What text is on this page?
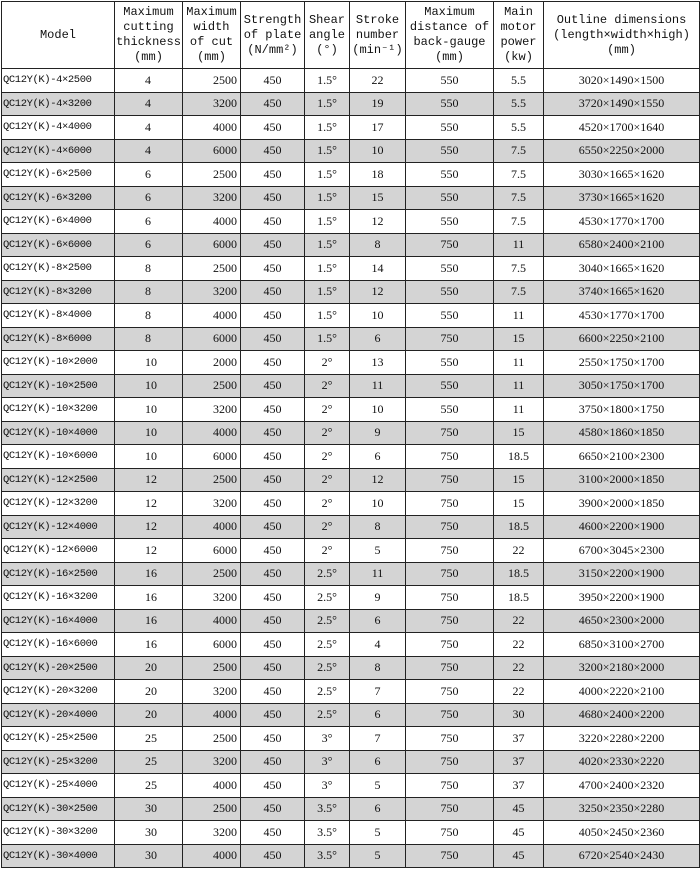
Model	Maximum
cutting
thickness
(mm)	Maximum
width
of cut
(mm)	Strength
of plate
(N/mm²)	Shear
angle
(°)	Stroke
number
(min⁻¹)	Maximum
distance of
back-gauge
(mm)	Main
motor
power
(kw)	Outline dimensions
(length×width×high)
(mm)

QC12Y(K)-4×2500	4	2500	450	1.5°	22	550	5.5	3020×1490×1500
QC12Y(K)-4×3200	4	3200	450	1.5°	19	550	5.5	3720×1490×1550
QC12Y(K)-4×4000	4	4000	450	1.5°	17	550	5.5	4520×1700×1640
QC12Y(K)-4×6000	4	6000	450	1.5°	10	550	7.5	6550×2250×2000
QC12Y(K)-6×2500	6	2500	450	1.5°	18	550	7.5	3030×1665×1620
QC12Y(K)-6×3200	6	3200	450	1.5°	15	550	7.5	3730×1665×1620
QC12Y(K)-6×4000	6	4000	450	1.5°	12	550	7.5	4530×1770×1700
QC12Y(K)-6×6000	6	6000	450	1.5°	8	750	11	6580×2400×2100
QC12Y(K)-8×2500	8	2500	450	1.5°	14	550	7.5	3040×1665×1620
QC12Y(K)-8×3200	8	3200	450	1.5°	12	550	7.5	3740×1665×1620
QC12Y(K)-8×4000	8	4000	450	1.5°	10	550	11	4530×1770×1700
QC12Y(K)-8×6000	8	6000	450	1.5°	6	750	15	6600×2250×2100
QC12Y(K)-10×2000	10	2000	450	2°	13	550	11	2550×1750×1700
QC12Y(K)-10×2500	10	2500	450	2°	11	550	11	3050×1750×1700
QC12Y(K)-10×3200	10	3200	450	2°	10	550	11	3750×1800×1750
QC12Y(K)-10×4000	10	4000	450	2°	9	750	15	4580×1860×1850
QC12Y(K)-10×6000	10	6000	450	2°	6	750	18.5	6650×2100×2300
QC12Y(K)-12×2500	12	2500	450	2°	12	750	15	3100×2000×1850
QC12Y(K)-12×3200	12	3200	450	2°	10	750	15	3900×2000×1850
QC12Y(K)-12×4000	12	4000	450	2°	8	750	18.5	4600×2200×1900
QC12Y(K)-12×6000	12	6000	450	2°	5	750	22	6700×3045×2300
QC12Y(K)-16×2500	16	2500	450	2.5°	11	750	18.5	3150×2200×1900
QC12Y(K)-16×3200	16	3200	450	2.5°	9	750	18.5	3950×2200×1900
QC12Y(K)-16×4000	16	4000	450	2.5°	6	750	22	4650×2300×2000
QC12Y(K)-16×6000	16	6000	450	2.5°	4	750	22	6850×3100×2700
QC12Y(K)-20×2500	20	2500	450	2.5°	8	750	22	3200×2180×2000
QC12Y(K)-20×3200	20	3200	450	2.5°	7	750	22	4000×2220×2100
QC12Y(K)-20×4000	20	4000	450	2.5°	6	750	30	4680×2400×2200
QC12Y(K)-25×2500	25	2500	450	3°	7	750	37	3220×2280×2200
QC12Y(K)-25×3200	25	3200	450	3°	6	750	37	4020×2330×2220
QC12Y(K)-25×4000	25	4000	450	3°	5	750	37	4700×2400×2320
QC12Y(K)-30×2500	30	2500	450	3.5°	6	750	45	3250×2350×2280
QC12Y(K)-30×3200	30	3200	450	3.5°	5	750	45	4050×2450×2360
QC12Y(K)-30×4000	30	4000	450	3.5°	5	750	45	6720×2540×2430
